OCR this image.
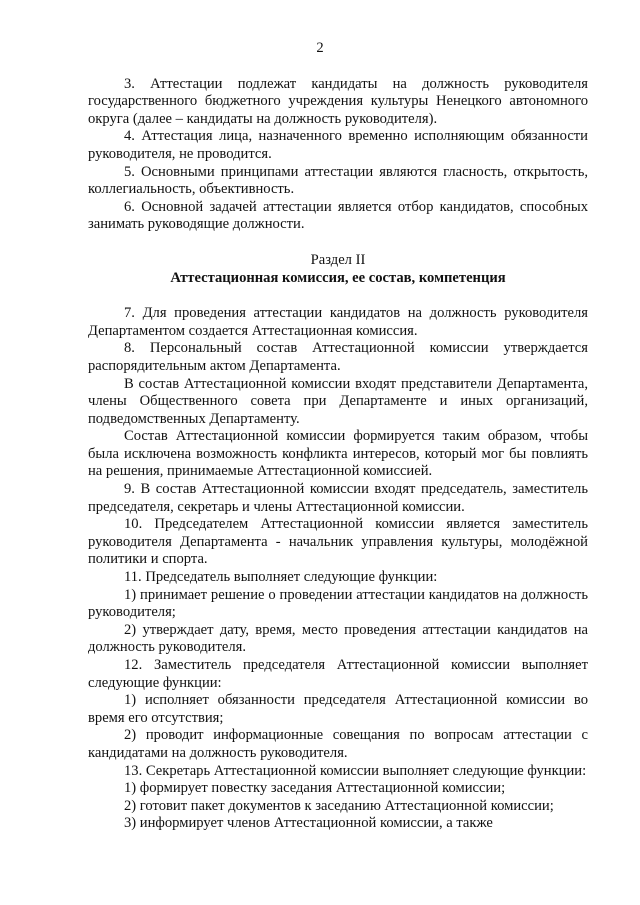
2

3. Аттестации подлежат кандидаты на должность руководителя государственного бюджетного учреждения культуры Ненецкого автономного округа (далее – кандидаты на должность руководителя).

4. Аттестация лица, назначенного временно исполняющим обязанности руководителя, не проводится.

5. Основными принципами аттестации являются гласность, открытость, коллегиальность, объективность.

6. Основной задачей аттестации является отбор кандидатов, способных занимать руководящие должности.

Раздел II
Аттестационная комиссия, ее состав, компетенция

7. Для проведения аттестации кандидатов на должность руководителя Департаментом создается Аттестационная комиссия.

8. Персональный состав Аттестационной комиссии утверждается распорядительным актом Департамента.

В состав Аттестационной комиссии входят представители Департамента, члены Общественного совета при Департаменте и иных организаций, подведомственных Департаменту.

Состав Аттестационной комиссии формируется таким образом, чтобы была исключена возможность конфликта интересов, который мог бы повлиять на решения, принимаемые Аттестационной комиссией.

9. В состав Аттестационной комиссии входят председатель, заместитель председателя, секретарь и члены Аттестационной комиссии.

10. Председателем Аттестационной комиссии является заместитель руководителя Департамента - начальник управления культуры, молодёжной политики и спорта.

11. Председатель выполняет следующие функции:

1) принимает решение о проведении аттестации кандидатов на должность руководителя;

2) утверждает дату, время, место проведения аттестации кандидатов на должность руководителя.

12. Заместитель председателя Аттестационной комиссии выполняет следующие функции:

1) исполняет обязанности председателя Аттестационной комиссии во время его отсутствия;

2) проводит информационные совещания по вопросам аттестации с кандидатами на должность руководителя.

13. Секретарь Аттестационной комиссии выполняет следующие функции:

1) формирует повестку заседания Аттестационной комиссии;

2) готовит пакет документов к заседанию Аттестационной комиссии;

3) информирует членов Аттестационной комиссии, а также
